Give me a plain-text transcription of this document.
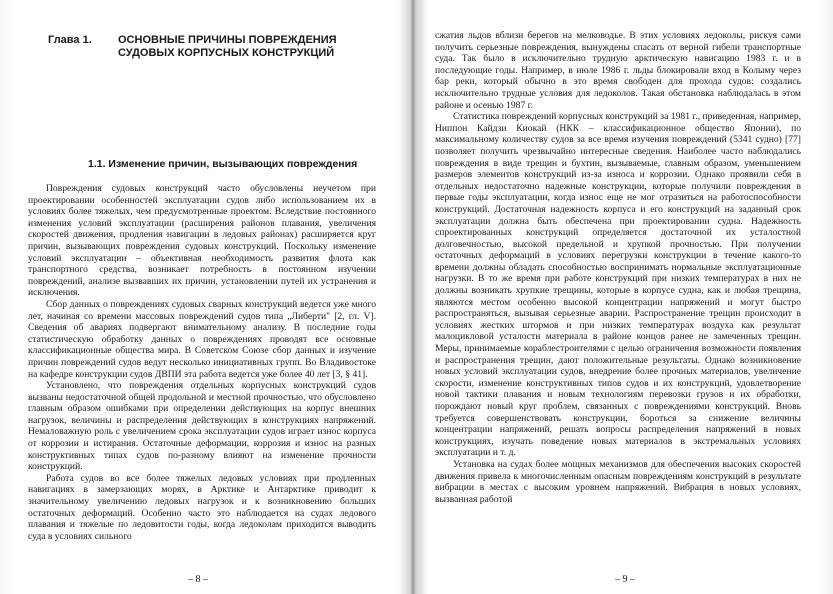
Глава 1.	ОСНОВНЫЕ ПРИЧИНЫ ПОВРЕЖДЕНИЯ СУДОВЫХ КОРПУСНЫХ КОНСТРУКЦИЙ
1.1. Изменение причин, вызывающих повреждения

Повреждения судовых конструкций часто обусловлены неучетом при проектировании особенностей эксплуатации судов либо использованием их в условиях более тяжелых, чем предусмотренные проектом. Вследствие постоянного изменения условий эксплуатации (расширения районов плавания, увеличения скоростей движения, продления навигации в ледовых районах) расширяется круг причин, вызывающих повреждения судовых конструкций. Поскольку изменение условий эксплуатации – объективная необходимость развития флота как транспортного средства, возникает потребность в постоянном изучении повреждений, анализе вызвавших их причин, установлении путей их устранения и исключения.

Сбор данных о повреждениях судовых сварных конструкций ведется уже много лет, начиная со времени массовых повреждений судов типа „Либерти" [2, гл. V]. Сведения об авариях подвергают внимательному анализу. В последние годы статистическую обработку данных о повреждениях проводят все основные классификационные общества мира. В Советском Союзе сбор данных и изучение причин повреждений судов ведут несколько инициативных групп. Во Владивостоке на кафедре конструкции судов ДВПИ эта работа ведется уже более 40 лет [3, § 41].

Установлено, что повреждения отдельных корпусных конструкций судов вызваны недостаточной общей продольной и местной прочностью, что обусловлено главным образом ошибками при определении действующих на корпус внешних нагрузок, величины и распределения действующих в конструкциях напряжений. Немаловажную роль с увеличением срока эксплуатации судов играет износ корпуса от коррозии и истирания. Остаточные деформации, коррозия и износ на разных конструктивных типах судов по-разному влияют на изменение прочности конструкций.

Работа судов во все более тяжелых ледовых условиях при продленных навигациях в замерзающих морях, в Арктике и Антарктике приводит к значительному увеличению ледовых нагрузок и к возникновению больших остаточных деформаций. Особенно часто это наблюдается на судах ледового плавания и тяжелые по ледовитости годы, когда ледоколам приходится выводить суда в условиях сильного

– 8 –

сжатия льдов вблизи берегов на мелководье. В этих условиях ледоколы, рискуя сами получить серьезные повреждения, вынуждены спасать от верной гибели транспортные суда. Так было в исключительно трудную арктическую навигацию 1983 г. и в последующие годы. Например, в июле 1986 г. льды блокировали вход в Колыму через бар реки, который обычно в это время свободен для прохода судов: создались исключительно трудные условия для ледоколов. Такая обстановка наблюдалась в этом районе и осенью 1987 г.

Статистика повреждений корпусных конструкций за 1981 г., приведенная, например, Ниппон Кайдзи Киокай (НКК – классификационное общество Японии), по максимальному количеству судов за все время изучения повреждений (5341 судно) [77] позволяет получить чрезвычайно интересные сведения. Наиболее часто наблюдались повреждения в виде трещин и бухтин, вызываемые, главным образом, уменьшением размеров элементов конструкций из-за износа и коррозии. Однако проявили себя в отдельных недостаточно надежные конструкции, которые получили повреждения в первые годы эксплуатации, когда износ еще не мог отразиться на работоспособности конструкций. Достаточная надежность корпуса и его конструкций на заданный срок эксплуатации должна быть обеспечена при проектировании судна. Надежность спроектированных конструкций определяется достаточной их усталостной долговечностью, высокой предельной и хрупкой прочностью. При получении остаточных деформаций в условиях перегрузки конструкции в течение какого-то времени должны обладать способностью воспринимать нормальные эксплуатационные нагрузки. В то же время при работе конструкций при низких температурах в них не должны возникать хрупкие трещины, которые в корпусе судна, как и любая трещина, являются местом особенно высокой концентрации напряжений и могут быстро распространяться, вызывая серьезные аварии. Распространение трещин происходит в условиях жестких штормов и при низких температурах воздуха как результат малоцикловой усталости материала в районе концов ранее не замеченных трещин. Меры, принимаемые кораблестроителями с целью ограничения возможности появления и распространения трещин, дают положительные результаты. Однако возникновение новых условий эксплуатации судов, внедрение более прочных материалов, увеличение скорости, изменение конструктивных типов судов и их конструкций, удовлетворение новой тактики плавания и новым технологиям перевозки грузов и их обработки, порождают новый круг проблем, связанных с повреждениями конструкций. Вновь требуется совершенствовать конструкции, бороться за снижение величины концентрации напряжений, решать вопросы распределения напряжений в новых конструкциях, изучать поведение новых материалов в экстремальных условиях эксплуатации и т. д.

Установка на судах более мощных механизмов для обеспечения высоких скоростей движения привела к многочисленным опасным повреждениям конструкций в результате вибрации в местах с высоким уровнем напряжений. Вибрация в новых условиях, вызванная работой

– 9 –
